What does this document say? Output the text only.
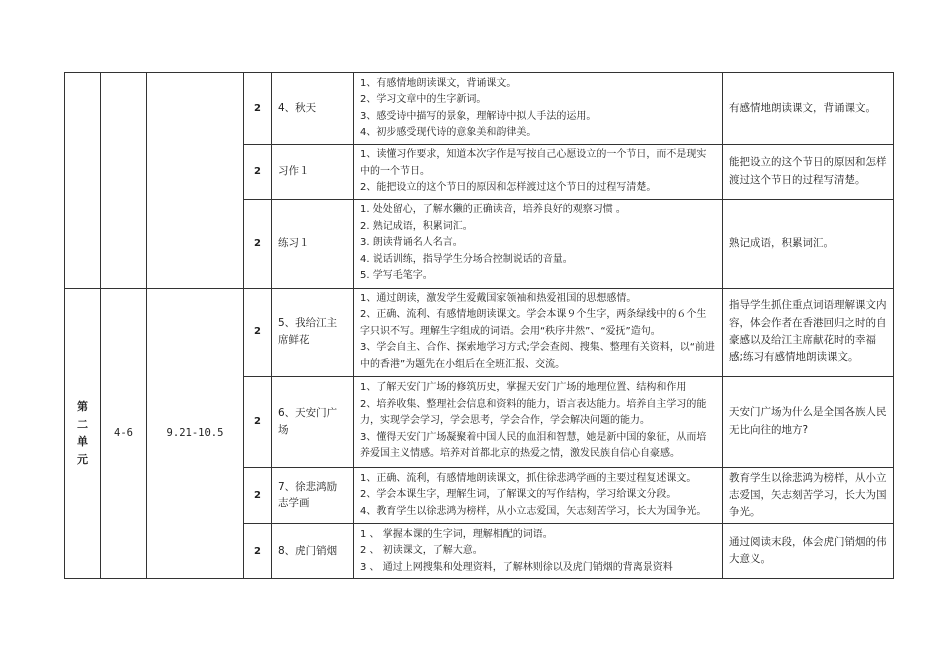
			2	4、秋天	1、有感情地朗读课文，背诵课文。
2、学习文章中的生字新词。
3、感受诗中描写的景象，理解诗中拟人手法的运用。
4、初步感受现代诗的意象美和韵律美。	有感情地朗读课文，背诵课文。
			2	习作１	1、读懂习作要求，知道本次字作是写按自己心愿设立的一个节日，而不是现实中的一个节日。
2、能把设立的这个节日的原因和怎样渡过这个节日的过程写清楚。	能把设立的这个节日的原因和怎样渡过这个节日的过程写清楚。
			2	练习１	1. 处处留心，了解水獭的正确读音，培养良好的观察习惯 。
2. 熟记成语，积累词汇。
3. 朗读背诵名人名言。
4. 说话训练，指导学生分场合控制说话的音量。
5. 学写毛笔字。	熟记成语，积累词汇。

第
二
单
元	4-6	9.21-10.5	2	5、我给江主席鲜花	1、通过朗读，激发学生爱戴国家领袖和热爱祖国的思想感情。
2、正确、流利、有感情地朗读课文。学会本课９个生字，两条绿线中的６个生字只识不写。理解生字组成的词语。会用“秩序井然”、“爱抚”造句。
3、学会自主、合作、探索地学习方式;学会查阅、搜集、整理有关资料，以“前进中的香港”为题先在小组后在全班汇报、交流。	指导学生抓住重点词语理解课文内容，体会作者在香港回归之时的自豪感以及给江主席献花时的幸福感;练习有感情地朗读课文。
			2	6、天安门广场	1、了解天安门广场的修筑历史，掌握天安门广场的地理位置、结构和作用
2、培养收集、整理社会信息和资料的能力，语言表达能力。培养自主学习的能力，实现学会学习，学会思考，学会合作，学会解决问题的能力。
3、懂得天安门广场凝聚着中国人民的血泪和智慧，她是新中国的象征，从而培养爱国主义情感。培养对首都北京的热爱之情，激发民族自信心自豪感。	天安门广场为什么是全国各族人民无比向往的地方?
			2	7、徐悲鸿励志学画	1、正确、流利，有感情地朗读课文，抓住徐悲鸿学画的主要过程复述课文。
2、学会本课生字，理解生词，了解课文的写作结构，学习给课文分段。
4、教育学生以徐悲鸿为榜样，从小立志爱国，矢志刻苦学习，长大为国争光。	教育学生以徐悲鸿为榜样，从小立志爱国，矢志刻苦学习，长大为国争光。
			2	8、虎门销烟	1 、 掌握本课的生字词，理解相配的词语。
2 、 初读课文，了解大意。
3 、 通过上网搜集和处理资料，了解林则徐以及虎门销烟的背离景资料	通过阅读末段，体会虎门销烟的伟大意义。
